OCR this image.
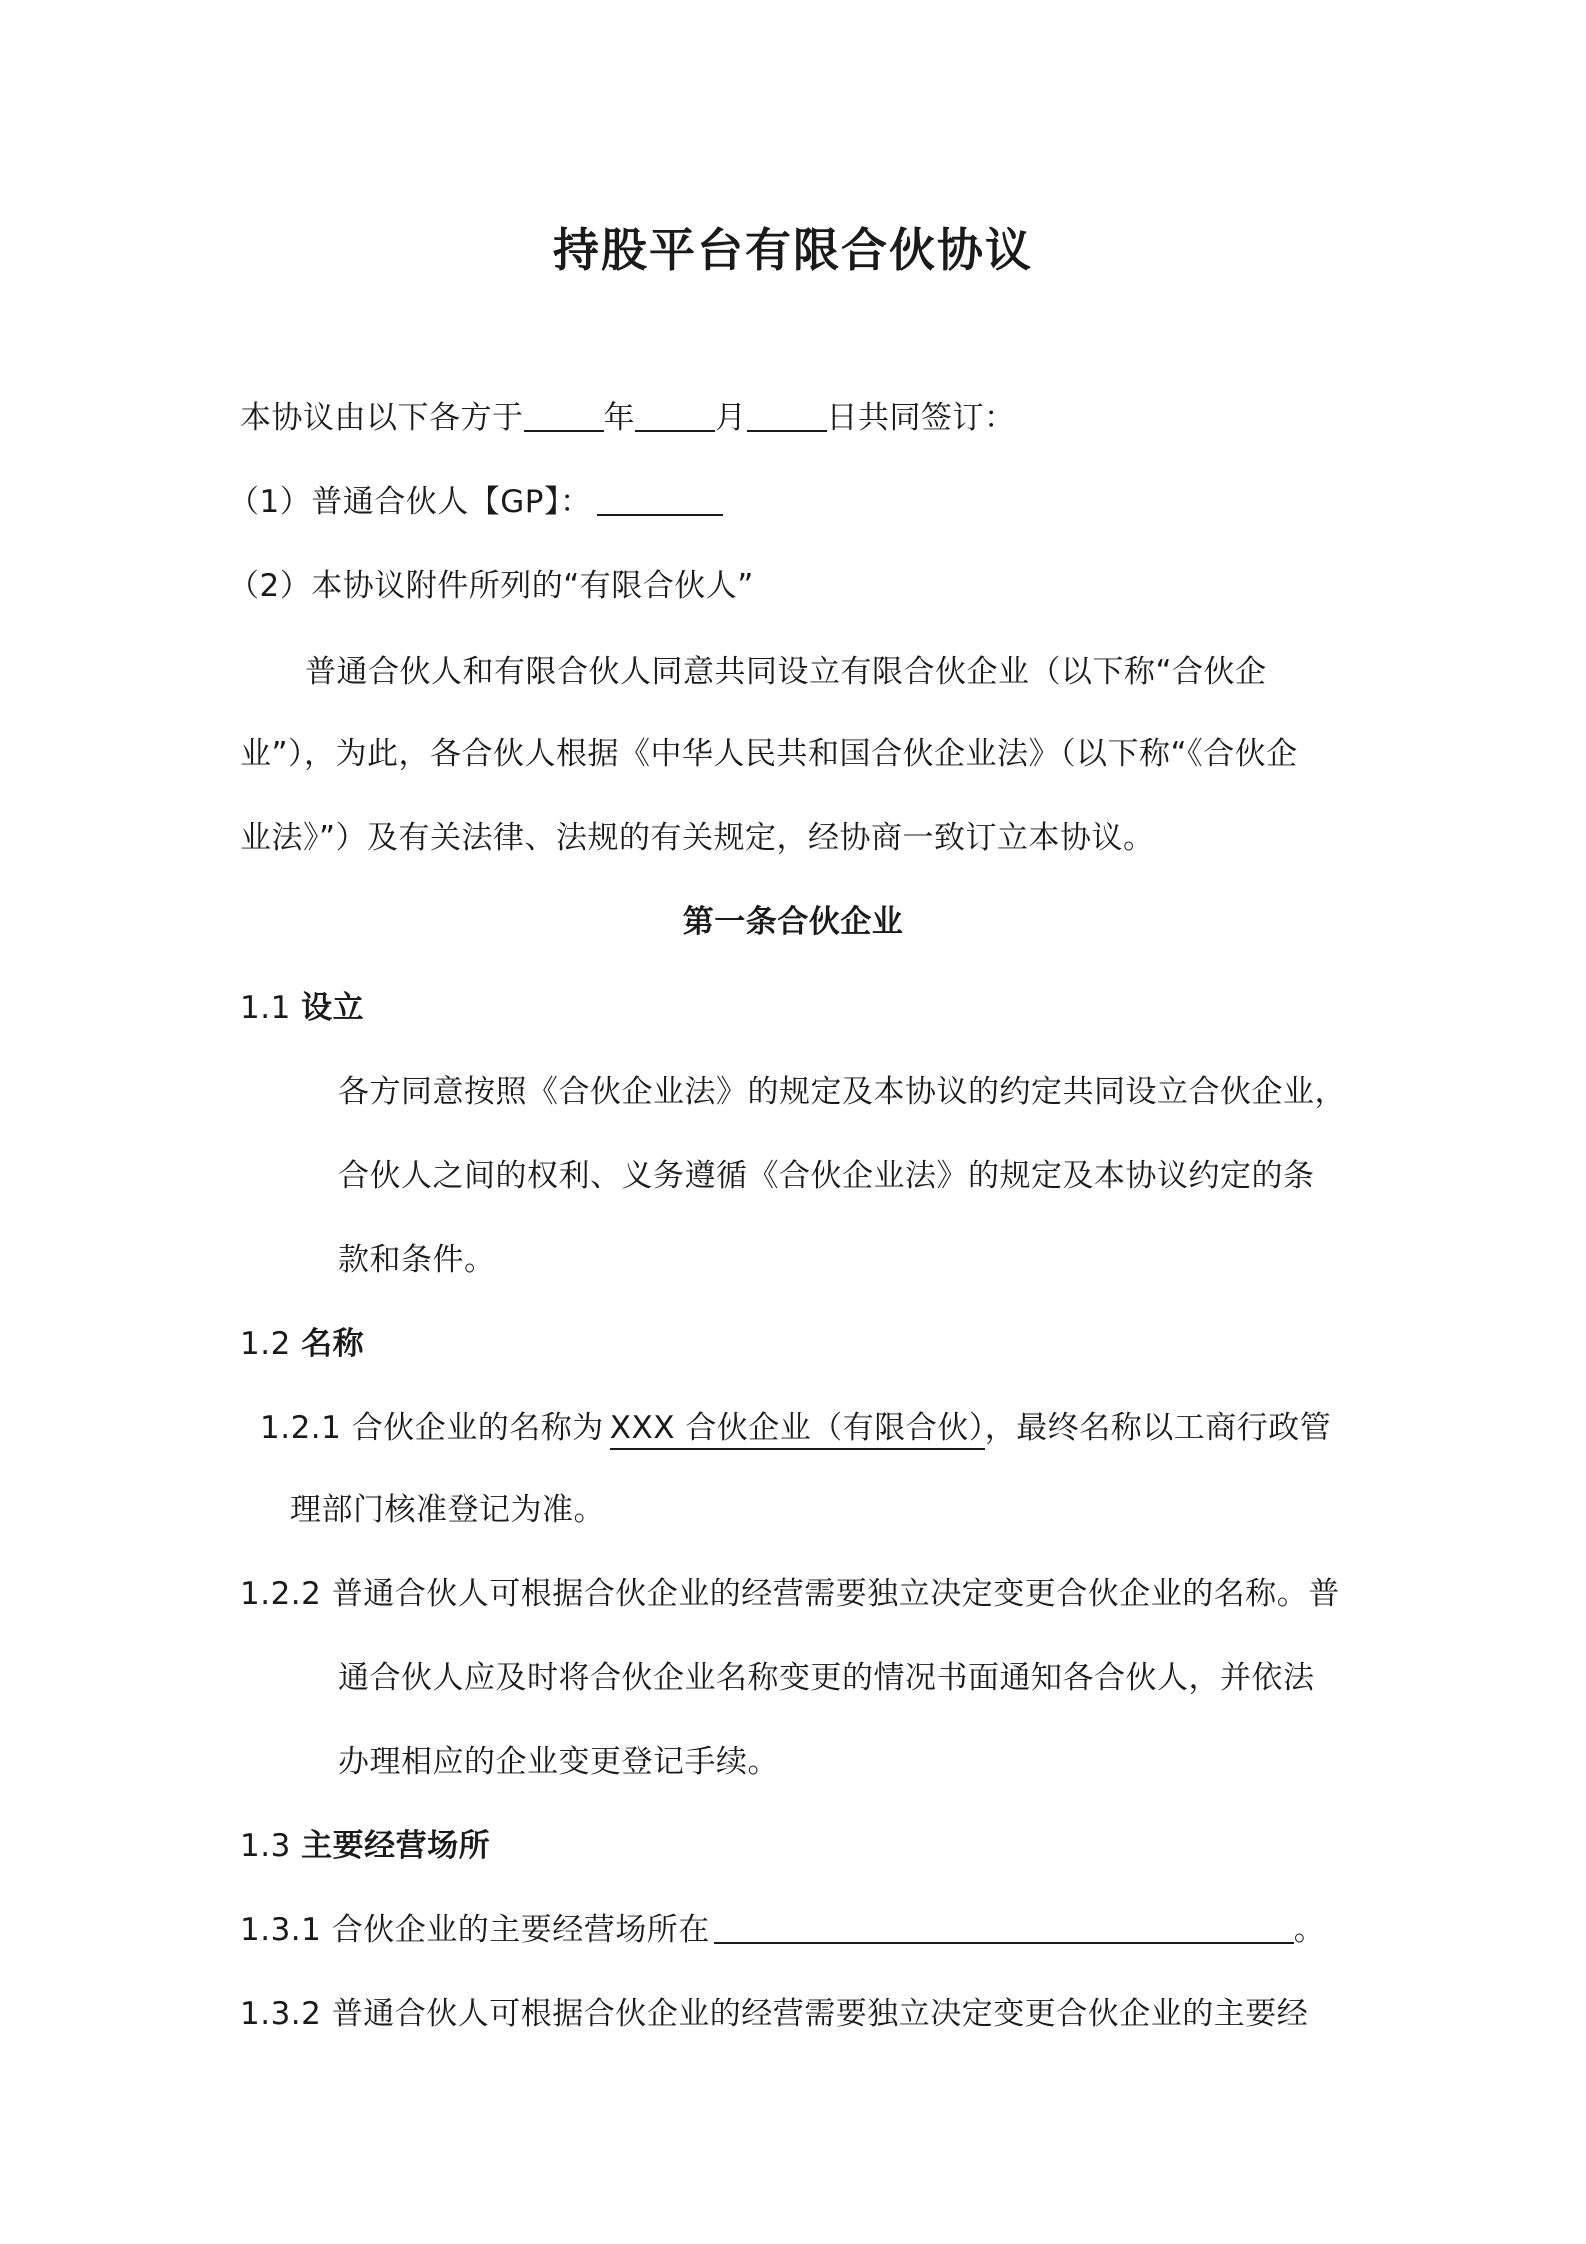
持股平台有限合伙协议
本协议由以下各方于	年	月	日共同签订：
（1）普通合伙人【GP】：
（2）本协议附件所列的“有限合伙人”
普通合伙人和有限合伙人同意共同设立有限合伙企业（以下称“合伙企
业”），为此，各合伙人根据《中华人民共和国合伙企业法》（以下称“《合伙企
业法》”）及有关法律、法规的有关规定，经协商一致订立本协议。
第一条合伙企业
1.1 设立
各方同意按照《合伙企业法》的规定及本协议的约定共同设立合伙企业，
合伙人之间的权利、义务遵循《合伙企业法》的规定及本协议约定的条
款和条件。
1.2 名称
1.2.1 合伙企业的名称为 XXX 合伙企业（有限合伙），最终名称以工商行政管
理部门核准登记为准。
1.2.2 普通合伙人可根据合伙企业的经营需要独立决定变更合伙企业的名称。普
通合伙人应及时将合伙企业名称变更的情况书面通知各合伙人，并依法
办理相应的企业变更登记手续。
1.3 主要经营场所
1.3.1 合伙企业的主要经营场所在	。
1.3.2 普通合伙人可根据合伙企业的经营需要独立决定变更合伙企业的主要经
